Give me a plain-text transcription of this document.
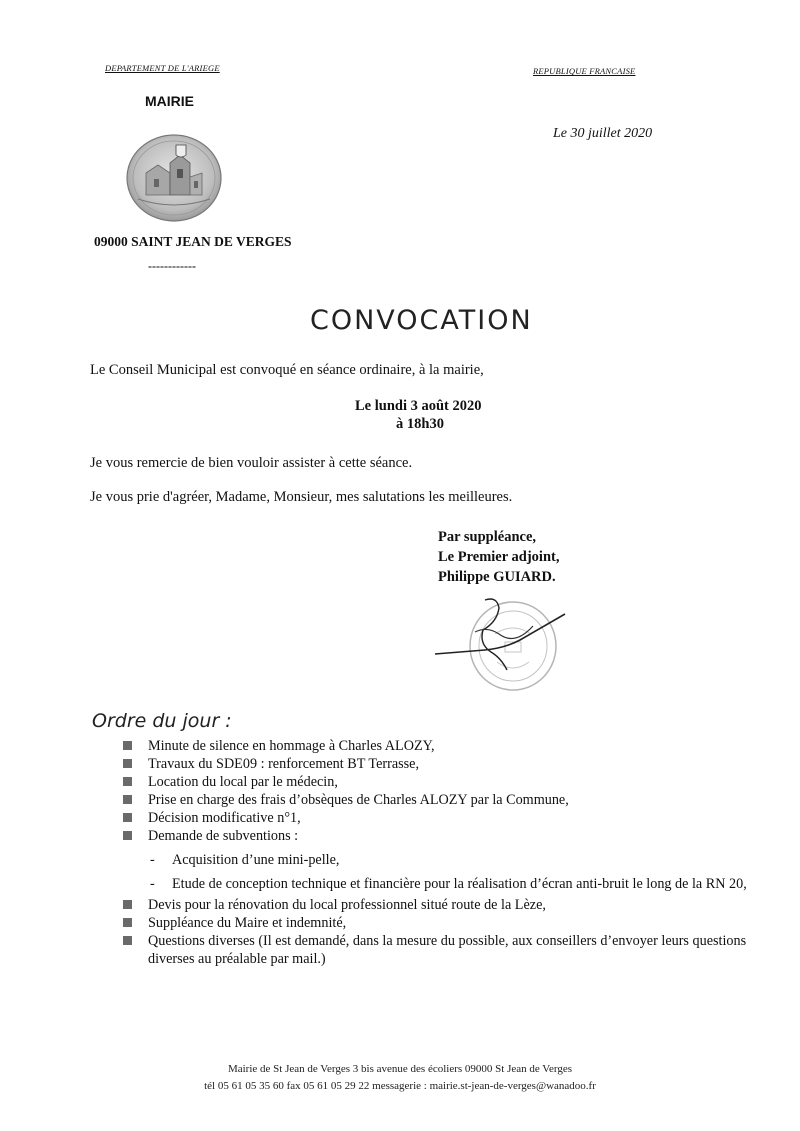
DEPARTEMENT DE L'ARIEGE	REPUBLIQUE FRANCAISE
MAIRIE
Le 30 juillet 2020
09000 SAINT JEAN DE VERGES
------------
CONVOCATION
Le Conseil Municipal est convoqué en séance ordinaire, à la mairie,
Le lundi 3 août 2020
à 18h30
Je vous remercie de bien vouloir assister à cette séance.
Je vous prie d'agréer, Madame, Monsieur, mes salutations les meilleures.
Par suppléance,
Le Premier adjoint,
Philippe GUIARD.
Ordre du jour :
Minute de silence en hommage à Charles ALOZY,
Travaux du SDE09 : renforcement BT Terrasse,
Location du local par le médecin,
Prise en charge des frais d’obsèques de Charles ALOZY par la Commune,
Décision modificative n°1,
Demande de subventions :
- Acquisition d’une mini-pelle,
- Etude de conception technique et financière pour la réalisation d’écran anti-bruit le long de la RN 20,
Devis pour la rénovation du local professionnel situé route de la Lèze,
Suppléance du Maire et indemnité,
Questions diverses (Il est demandé, dans la mesure du possible, aux conseillers d’envoyer leurs questions diverses au préalable par mail.)
Mairie de St Jean de Verges 3 bis avenue des écoliers 09000 St Jean de Verges
tél 05 61 05 35 60 fax 05 61 05 29 22 messagerie : mairie.st-jean-de-verges@wanadoo.fr
